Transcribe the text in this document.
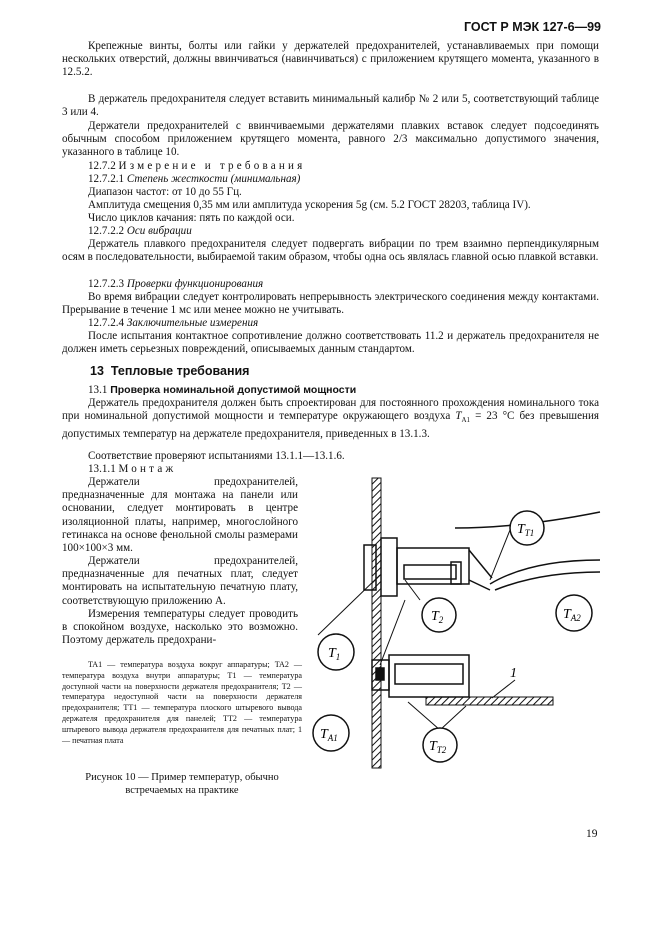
ГОСТ Р МЭК 127-6—99

Крепежные винты, болты или гайки у держателей предохранителей, устанавливаемых при помощи нескольких отверстий, должны ввинчиваться (навинчиваться) с приложением крутящего момента, указанного в 12.5.2.

В держатель предохранителя следует вставить минимальный калибр № 2 или 5, соответствующий таблице 3 или 4.

Держатели предохранителей с ввинчиваемыми держателями плавких вставок следует подсоединять обычным способом приложением крутящего момента, равного 2/3 максимально допустимого значения, указанного в таблице 10.

12.7.2 Измерение и требования
12.7.2.1 Степень жесткости (минимальная)
Диапазон частот: от 10 до 55 Гц.
Амплитуда смещения 0,35 мм или амплитуда ускорения 5g (см. 5.2 ГОСТ 28203, таблица IV).
Число циклов качания: пять по каждой оси.
12.7.2.2 Оси вибрации

Держатель плавкого предохранителя следует подвергать вибрации по трем взаимно перпендикулярным осям в последовательности, выбираемой таким образом, чтобы одна ось являлась главной осью плавкой вставки.

12.7.2.3 Проверки функционирования

Во время вибрации следует контролировать непрерывность электрического соединения между контактами. Прерывание в течение 1 мс или менее можно не учитывать.

12.7.2.4 Заключительные измерения

После испытания контактное сопротивление должно соответствовать 11.2 и держатель предохранителя не должен иметь серьезных повреждений, описываемых данным стандартом.

13 Тепловые требования
13.1 Проверка номинальной допустимой мощности

Держатель предохранителя должен быть спроектирован для постоянного прохождения номинального тока при номинальной допустимой мощности и температуре окружающего воздуха $T_{A1} = 23$ °С без превышения допустимых температур на держателе предохранителя, приведенных в 13.1.3.

Соответствие проверяют испытаниями 13.1.1—13.1.6.
13.1.1 Монтаж

Держатели предохранителей, предназначенные для монтажа на панели или основании, следует монтировать в центре изоляционной платы, например, многослойного гетинакса на основе фенольной смолы размерами 100×100×3 мм.

Держатели предохранителей, предназначенные для печатных плат, следует монтировать на испытательную печатную плату, соответствующую приложению А.

Измерения температуры следует проводить в спокойном воздухе, насколько это возможно. Поэтому держатель предохрани-

TA1 — температура воздуха вокруг аппаратуры; TA2 — температура воздуха внутри аппаратуры; T1 — температура доступной части на поверхности держателя предохранителя; T2 — температура недоступной части на поверхности держателя предохранителя; TT1 — температура плоского штыревого вывода держателя предохранителя для панелей; TT2 — температура штыревого вывода держателя предохранителя для печатных плат; 1 — печатная плата

Рисунок 10 — Пример температур, обычно встречаемых на практике

$T_{T1}$
$T_1$
$T_2$	$T_{A2}$
$T_{A1}$
$T_{T2}$
1
19
